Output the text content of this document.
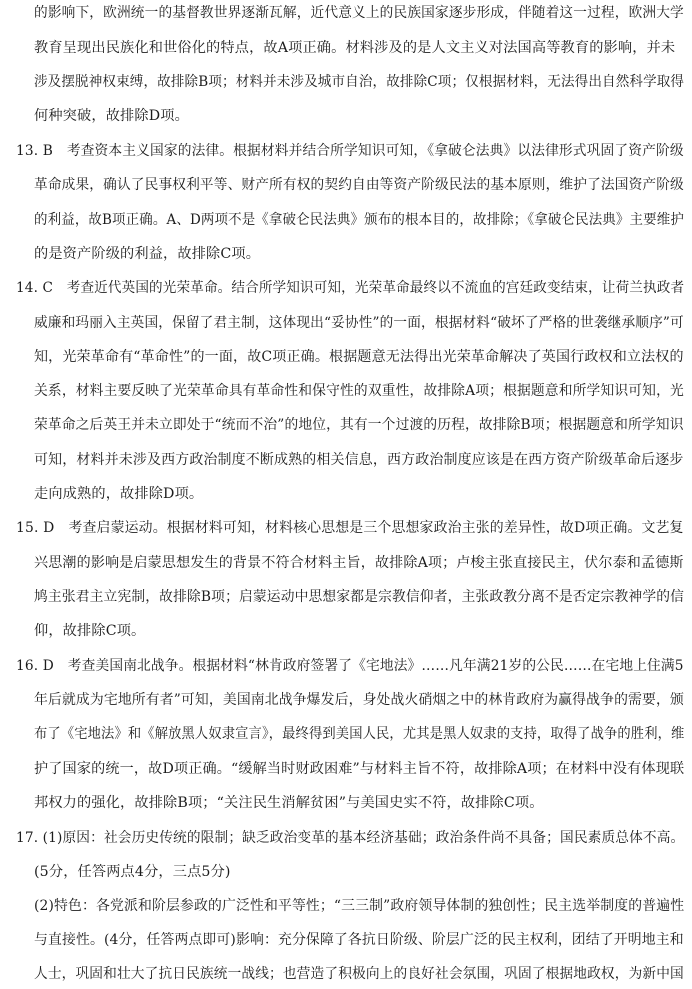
的影响下，欧洲统一的基督教世界逐渐瓦解，近代意义上的民族国家逐步形成，伴随着这一过程，欧洲大学
教育呈现出民族化和世俗化的特点，故A项正确。材料涉及的是人文主义对法国高等教育的影响，并未
涉及摆脱神权束缚，故排除B项；材料并未涉及城市自治，故排除C项；仅根据材料，无法得出自然科学取得
何种突破，故排除D项。
13. B　考查资本主义国家的法律。根据材料并结合所学知识可知，《拿破仑法典》以法律形式巩固了资产阶级
革命成果，确认了民事权利平等、财产所有权的契约自由等资产阶级民法的基本原则，维护了法国资产阶级
的利益，故B项正确。A、D两项不是《拿破仑民法典》颁布的根本目的，故排除；《拿破仑民法典》主要维护
的是资产阶级的利益，故排除C项。
14. C　考查近代英国的光荣革命。结合所学知识可知，光荣革命最终以不流血的宫廷政变结束，让荷兰执政者
威廉和玛丽入主英国，保留了君主制，这体现出“妥协性”的一面，根据材料“破坏了严格的世袭继承顺序”可
知，光荣革命有“革命性”的一面，故C项正确。根据题意无法得出光荣革命解决了英国行政权和立法权的
关系，材料主要反映了光荣革命具有革命性和保守性的双重性，故排除A项；根据题意和所学知识可知，光
荣革命之后英王并未立即处于“统而不治”的地位，其有一个过渡的历程，故排除B项；根据题意和所学知识
可知，材料并未涉及西方政治制度不断成熟的相关信息，西方政治制度应该是在西方资产阶级革命后逐步
走向成熟的，故排除D项。
15. D　考查启蒙运动。根据材料可知，材料核心思想是三个思想家政治主张的差异性，故D项正确。文艺复
兴思潮的影响是启蒙思想发生的背景不符合材料主旨，故排除A项；卢梭主张直接民主，伏尔泰和孟德斯
鸠主张君主立宪制，故排除B项；启蒙运动中思想家都是宗教信仰者，主张政教分离不是否定宗教神学的信
仰，故排除C项。
16. D　考查美国南北战争。根据材料“林肯政府签署了《宅地法》……凡年满21岁的公民……在宅地上住满5
年后就成为宅地所有者”可知，美国南北战争爆发后，身处战火硝烟之中的林肯政府为赢得战争的需要，颁
布了《宅地法》和《解放黑人奴隶宣言》，最终得到美国人民，尤其是黑人奴隶的支持，取得了战争的胜利，维
护了国家的统一，故D项正确。“缓解当时财政困难”与材料主旨不符，故排除A项；在材料中没有体现联
邦权力的强化，故排除B项；“关注民生消解贫困”与美国史实不符，故排除C项。
17. (1)原因：社会历史传统的限制；缺乏政治变革的基本经济基础；政治条件尚不具备；国民素质总体不高。
(5分，任答两点4分，三点5分)
(2)特色：各党派和阶层参政的广泛性和平等性；“三三制”政府领导体制的独创性；民主选举制度的普遍性
与直接性。(4分，任答两点即可)影响：充分保障了各抗日阶级、阶层广泛的民主权利，团结了开明地主和
人士，巩固和壮大了抗日民族统一战线；也营造了积极向上的良好社会氛围，巩固了根据地政权，为新中国
